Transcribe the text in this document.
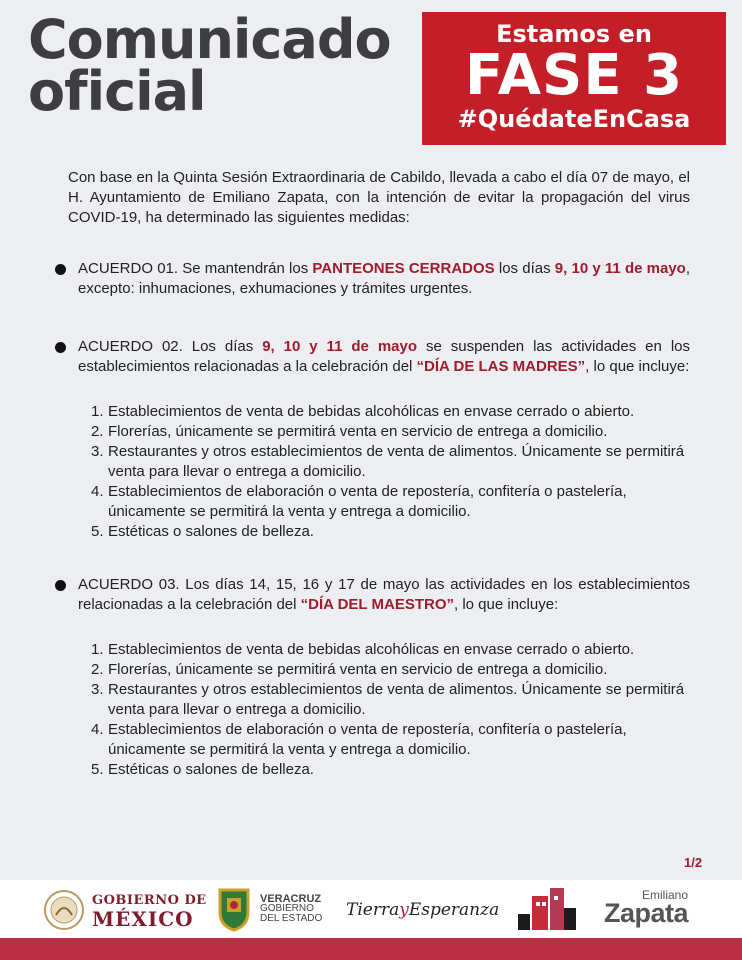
Comunicado
oficial
Estamos en
FASE 3
#QuédateEnCasa

Con base en la Quinta Sesión Extraordinaria de Cabildo, llevada a cabo el día 07 de mayo, el H. Ayuntamiento de Emiliano Zapata, con la intención de evitar la propagación del virus COVID-19, ha determinado las siguientes medidas:

ACUERDO 01. Se mantendrán los PANTEONES CERRADOS los días 9, 10 y 11 de mayo, excepto: inhumaciones, exhumaciones y trámites urgentes.
ACUERDO 02. Los días 9, 10 y 11 de mayo se suspenden las actividades en los establecimientos relacionadas a la celebración del “DÍA DE LAS MADRES”, lo que incluye:
1. Establecimientos de venta de bebidas alcohólicas en envase cerrado o abierto.
2. Florerías, únicamente se permitirá venta en servicio de entrega a domicilio.
3. Restaurantes y otros establecimientos de venta de alimentos. Únicamente se permitirá venta para llevar o entrega a domicilio.
4. Establecimientos de elaboración o venta de repostería, confitería o pastelería, únicamente se permitirá la venta y entrega a domicilio.
5. Estéticas o salones de belleza.
ACUERDO 03. Los días 14, 15, 16 y 17 de mayo las actividades en los establecimientos relacionadas a la celebración del “DÍA DEL MAESTRO”, lo que incluye:
1. Establecimientos de venta de bebidas alcohólicas en envase cerrado o abierto.
2. Florerías, únicamente se permitirá venta en servicio de entrega a domicilio.
3. Restaurantes y otros establecimientos de venta de alimentos. Únicamente se permitirá venta para llevar o entrega a domicilio.
4. Establecimientos de elaboración o venta de repostería, confitería o pastelería, únicamente se permitirá la venta y entrega a domicilio.
5. Estéticas o salones de belleza.
1/2
GOBIERNO DE
MÉXICO
VERACRUZ
GOBIERNO
DEL ESTADO Tierra y Esperanza
Emiliano
Zapata
